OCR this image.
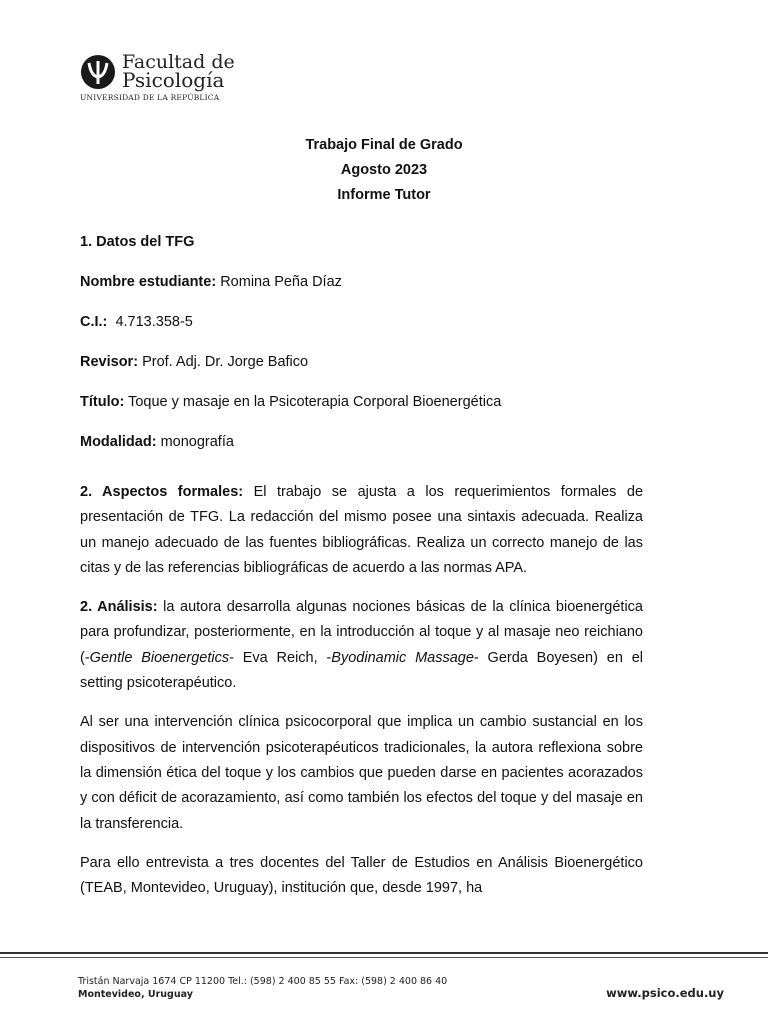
Facultad de
Psicología
UNIVERSIDAD DE LA REPÚBLICA
Trabajo Final de Grado
Agosto 2023
Informe Tutor
1. Datos del TFG
Nombre estudiante: Romina Peña Díaz
C.I.: 4.713.358-5
Revisor: Prof. Adj. Dr. Jorge Bafico
Título: Toque y masaje en la Psicoterapia Corporal Bioenergética
Modalidad: monografía

2. Aspectos formales: El trabajo se ajusta a los requerimientos formales de presentación de TFG. La redacción del mismo posee una sintaxis adecuada. Realiza un manejo adecuado de las fuentes bibliográficas. Realiza un correcto manejo de las citas y de las referencias bibliográficas de acuerdo a las normas APA.

2. Análisis: la autora desarrolla algunas nociones básicas de la clínica bioenergética para profundizar, posteriormente, en la introducción al toque y al masaje neo reichiano (-Gentle Bioenergetics- Eva Reich, -Byodinamic Massage- Gerda Boyesen) en el setting psicoterapéutico.

Al ser una intervención clínica psicocorporal que implica un cambio sustancial en los dispositivos de intervención psicoterapéuticos tradicionales, la autora reflexiona sobre la dimensión ética del toque y los cambios que pueden darse en pacientes acorazados y con déficit de acorazamiento, así como también los efectos del toque y del masaje en la transferencia.

Para ello entrevista a tres docentes del Taller de Estudios en Análisis Bioenergético (TEAB, Montevideo, Uruguay), institución que, desde 1997, ha

Tristán Narvaja 1674 CP 11200 Tel.: (598) 2 400 85 55 Fax: (598) 2 400 86 40
Montevideo, Uruguay	www.psico.edu.uy
